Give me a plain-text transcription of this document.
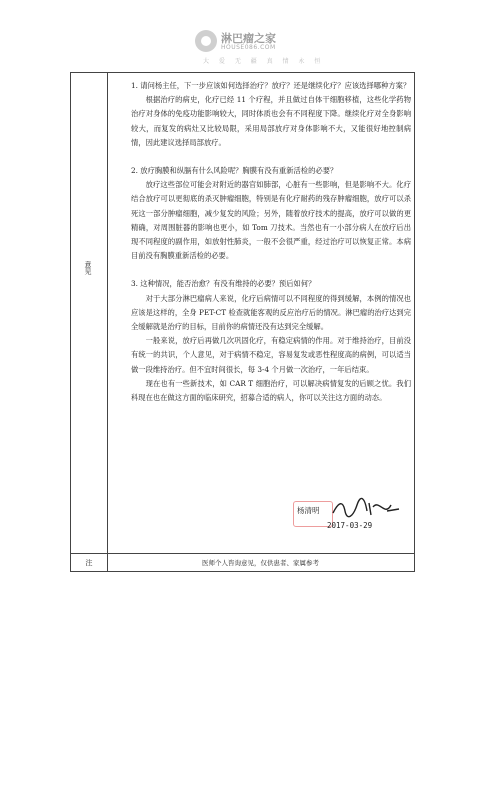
淋巴瘤之家
HOUSE086.COM
大 爱 无 疆 真 情 永 恒
意见
注	医师个人咨询意见，仅供患者、家属参考

1. 请问杨主任，下一步应该如何选择治疗？放疗？还是继续化疗？应该选择哪种方案？

根据治疗的病史，化疗已经 11 个疗程，并且做过自体干细胞移植，这些化学药物治疗对身体的免疫功能影响较大，同时体质也会有不同程度下降。继续化疗对全身影响较大，而复发的病灶又比较局限，采用局部放疗对身体影响不大，又能很好地控制病情，因此建议选择局部放疗。

2. 放疗胸膜和纵膈有什么风险呢？胸膜有没有重新活检的必要？

放疗这些部位可能会对附近的器官如肺部，心脏有一些影响，但是影响不大。化疗结合放疗可以更彻底的杀灭肿瘤细胞，特别是有化疗耐药的残存肿瘤细胞，放疗可以杀死这一部分肿瘤细胞，减少复发的风险；另外，随着放疗技术的提高，放疗可以做的更精确，对周围脏器的影响也更小，如 Tom 刀技术。当然也有一小部分病人在放疗后出现不同程度的副作用，如放射性肺炎，一般不会很严重，经过治疗可以恢复正常。本病目前没有胸膜重新活检的必要。

3. 这种情况，能否治愈？有没有维持的必要？预后如何？

对于大部分淋巴瘤病人来说，化疗后病情可以不同程度的得到缓解，本例的情况也应该是这样的，全身 PET-CT 检查就能客观的反应治疗后的情况。淋巴瘤的治疗达到完全缓解就是治疗的目标，目前你的病情还没有达到完全缓解。

一般来说，放疗后再做几次巩固化疗，有稳定病情的作用。对于维持治疗，目前没有统一的共识，个人意见，对于病情不稳定，容易复发或恶性程度高的病例，可以适当做一段维持治疗。但不宜时间很长，每 3-4 个月做一次治疗，一年后结束。

现在也有一些新技术，如 CAR T 细胞治疗，可以解决病情复发的后顾之忧。我们科现在也在做这方面的临床研究，招募合适的病人，你可以关注这方面的动态。

杨清明
2017-03-29
